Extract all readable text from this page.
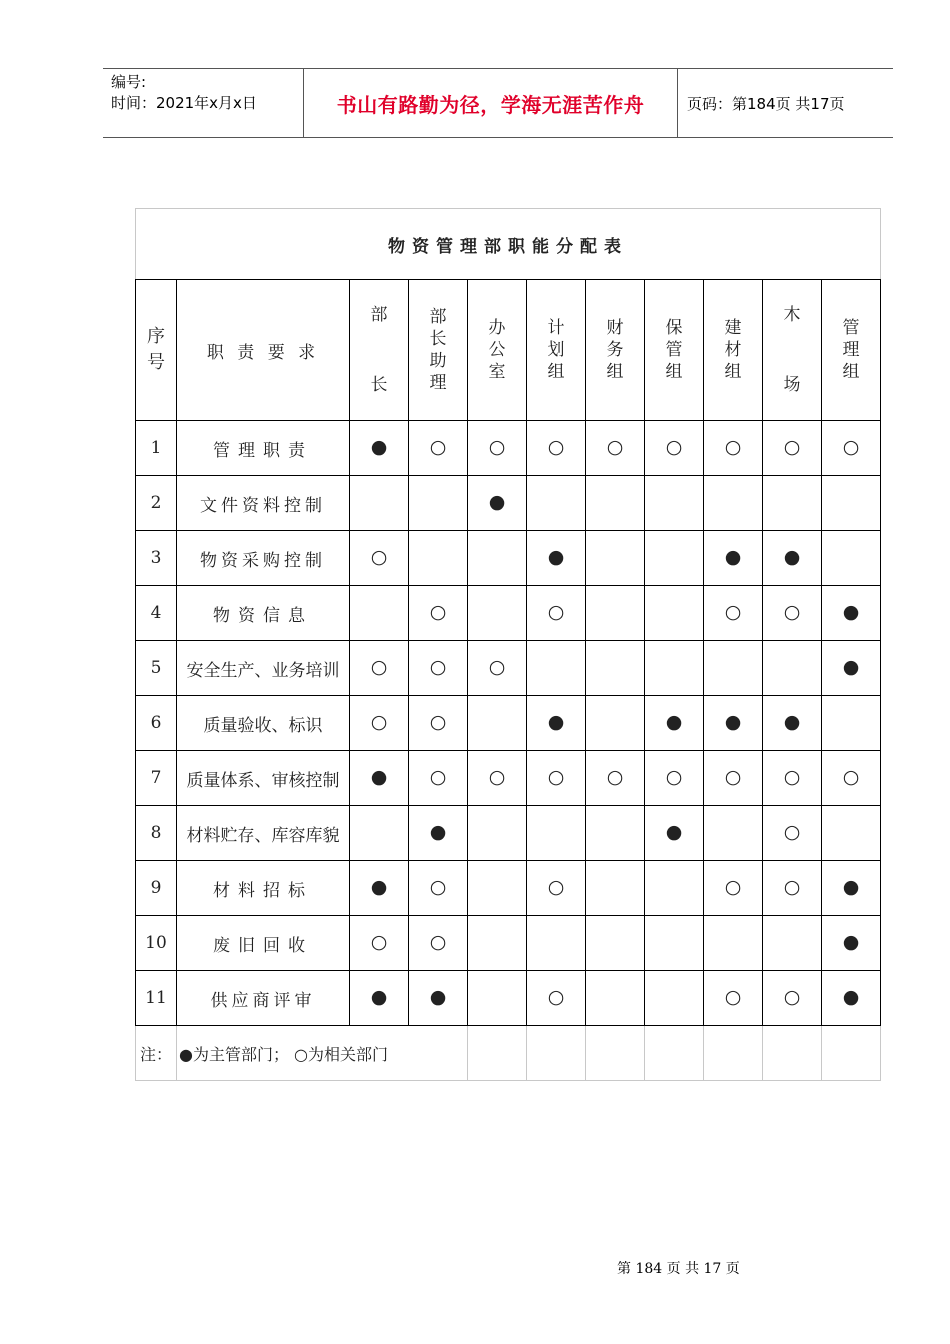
编号:
时间：2021年x月x日	书山有路勤为径，学海无涯苦作舟	页码：第184页 共17页
物资管理部职能分配表										
序号	职 责 要 求	部长	部长助理	办公室	计划组	财务组	保管组	建材组	木场	管理组
1	管理职责	●	○	○	○	○	○	○	○	○
2	文件资料控制			●						
3	物资采购控制	○			●			●	●	
4	物资信息		○		○			○	○	●
5	安全生产、业务培训	○	○	○						●
6	质量验收、标识	○	○		●		●	●	●	
7	质量体系、审核控制	●	○	○	○	○	○	○	○	○
8	材料贮存、库容库貌		●				●		○	
9	材料招标	●	○		○			○	○	●
10	废旧回收	○	○							●
11	供应商评审	●	●		○			○	○	●
注：	●为主管部门； ○为相关部门									
第 184 页 共 17 页
